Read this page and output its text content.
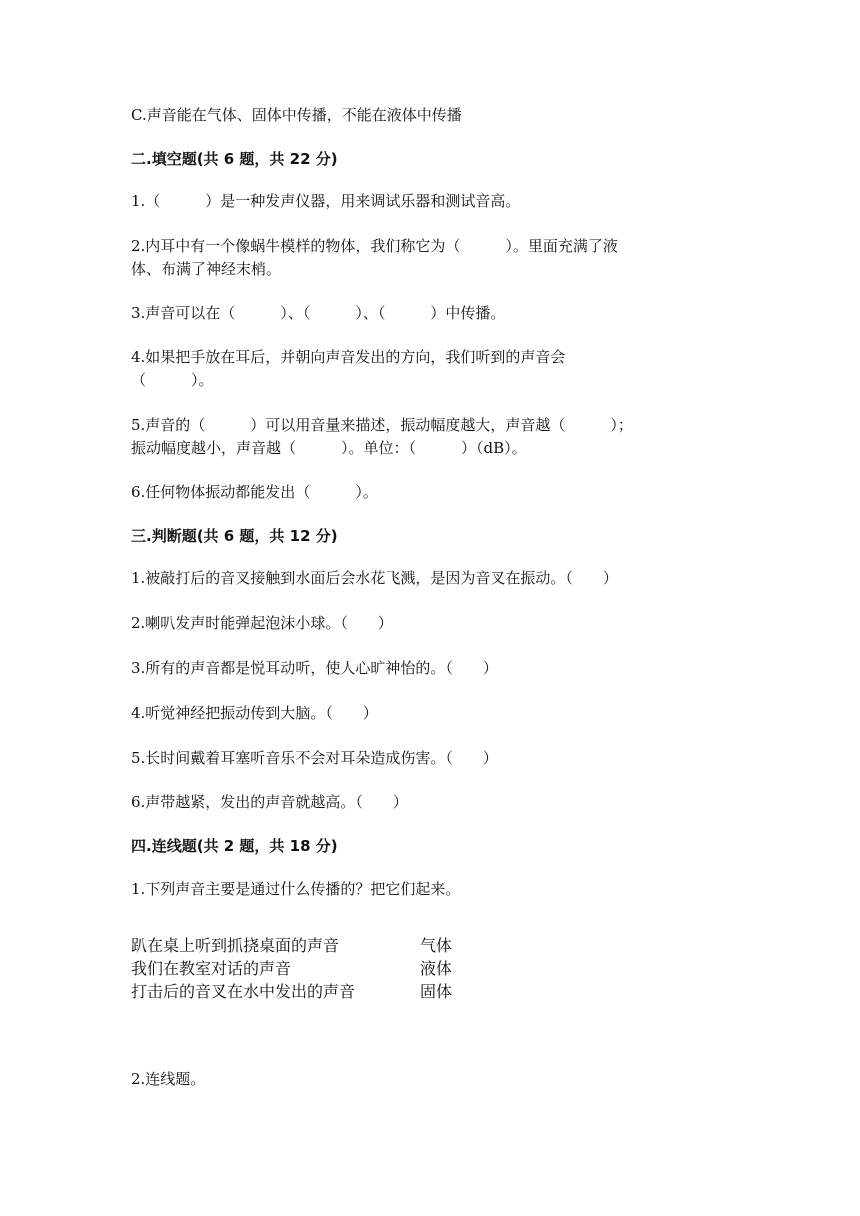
C.声音能在气体、固体中传播，不能在液体中传播
二.填空题(共 6 题，共 22 分)
1.（　　　）是一种发声仪器，用来调试乐器和测试音高。
2.内耳中有一个像蜗牛模样的物体，我们称它为（　　　）。里面充满了液
体、布满了神经末梢。
3.声音可以在（　　　）、（　　　）、（　　　）中传播。
4.如果把手放在耳后，并朝向声音发出的方向，我们听到的声音会
（　　　）。
5.声音的（　　　）可以用音量来描述，振动幅度越大，声音越（　　　）；
振动幅度越小，声音越（　　　）。单位：（　　　）（dB）。
6.任何物体振动都能发出（　　　）。
三.判断题(共 6 题，共 12 分)
1.被敲打后的音叉接触到水面后会水花飞溅，是因为音叉在振动。（　　）
2.喇叭发声时能弹起泡沫小球。（　　）
3.所有的声音都是悦耳动听，使人心旷神怡的。（　　）
4.听觉神经把振动传到大脑。（　　）
5.长时间戴着耳塞听音乐不会对耳朵造成伤害。（　　）
6.声带越紧，发出的声音就越高。（　　）
四.连线题(共 2 题，共 18 分)
1.下列声音主要是通过什么传播的？把它们起来。
趴在桌上听到抓挠桌面的声音
我们在教室对话的声音
打击后的音叉在水中发出的声音
气体
液体
固体
2.连线题。
